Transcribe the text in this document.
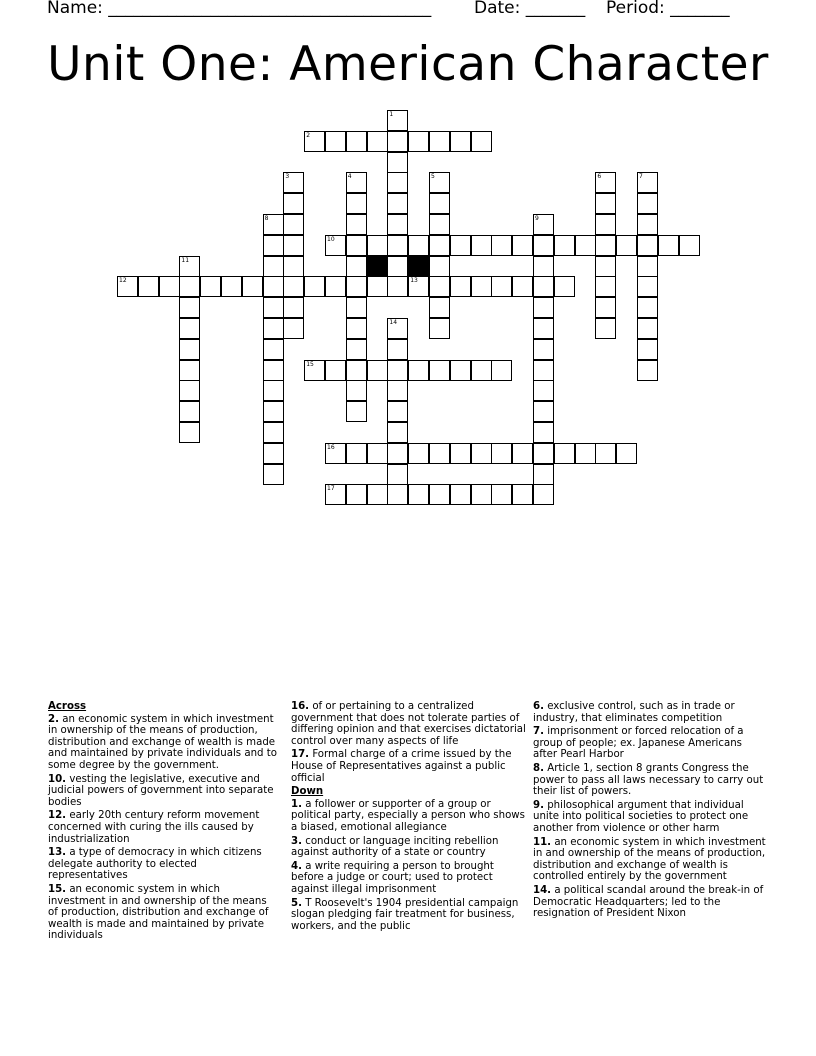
Name: ______________________________________	Date: _______ Period: _______
Unit One: American Character
1
2
3	4	5	6	7
8	9
10
11
12	13
14
15
16
17
Across
2. an economic system in which investment in ownership of the means of production, distribution and exchange of wealth is made and maintained by private individuals and to some degree by the government.
10. vesting the legislative, executive and judicial powers of government into separate bodies
12. early 20th century reform movement concerned with curing the ills caused by industrialization
13. a type of democracy in which citizens delegate authority to elected representatives
15. an economic system in which investment in and ownership of the means of production, distribution and exchange of wealth is made and maintained by private individuals
16. of or pertaining to a centralized government that does not tolerate parties of differing opinion and that exercises dictatorial control over many aspects of life
17. Formal charge of a crime issued by the House of Representatives against a public official
Down
1. a follower or supporter of a group or political party, especially a person who shows a biased, emotional allegiance
3. conduct or language inciting rebellion against authority of a state or country
4. a write requiring a person to brought before a judge or court; used to protect against illegal imprisonment
5. T Roosevelt's 1904 presidential campaign slogan pledging fair treatment for business, workers, and the public
6. exclusive control, such as in trade or industry, that eliminates competition
7. imprisonment or forced relocation of a group of people; ex. Japanese Americans after Pearl Harbor
8. Article 1, section 8 grants Congress the power to pass all laws necessary to carry out their list of powers.
9. philosophical argument that individual unite into political societies to protect one another from violence or other harm
11. an economic system in which investment in and ownership of the means of production, distribution and exchange of wealth is controlled entirely by the government
14. a political scandal around the break-in of Democratic Headquarters; led to the resignation of President Nixon
